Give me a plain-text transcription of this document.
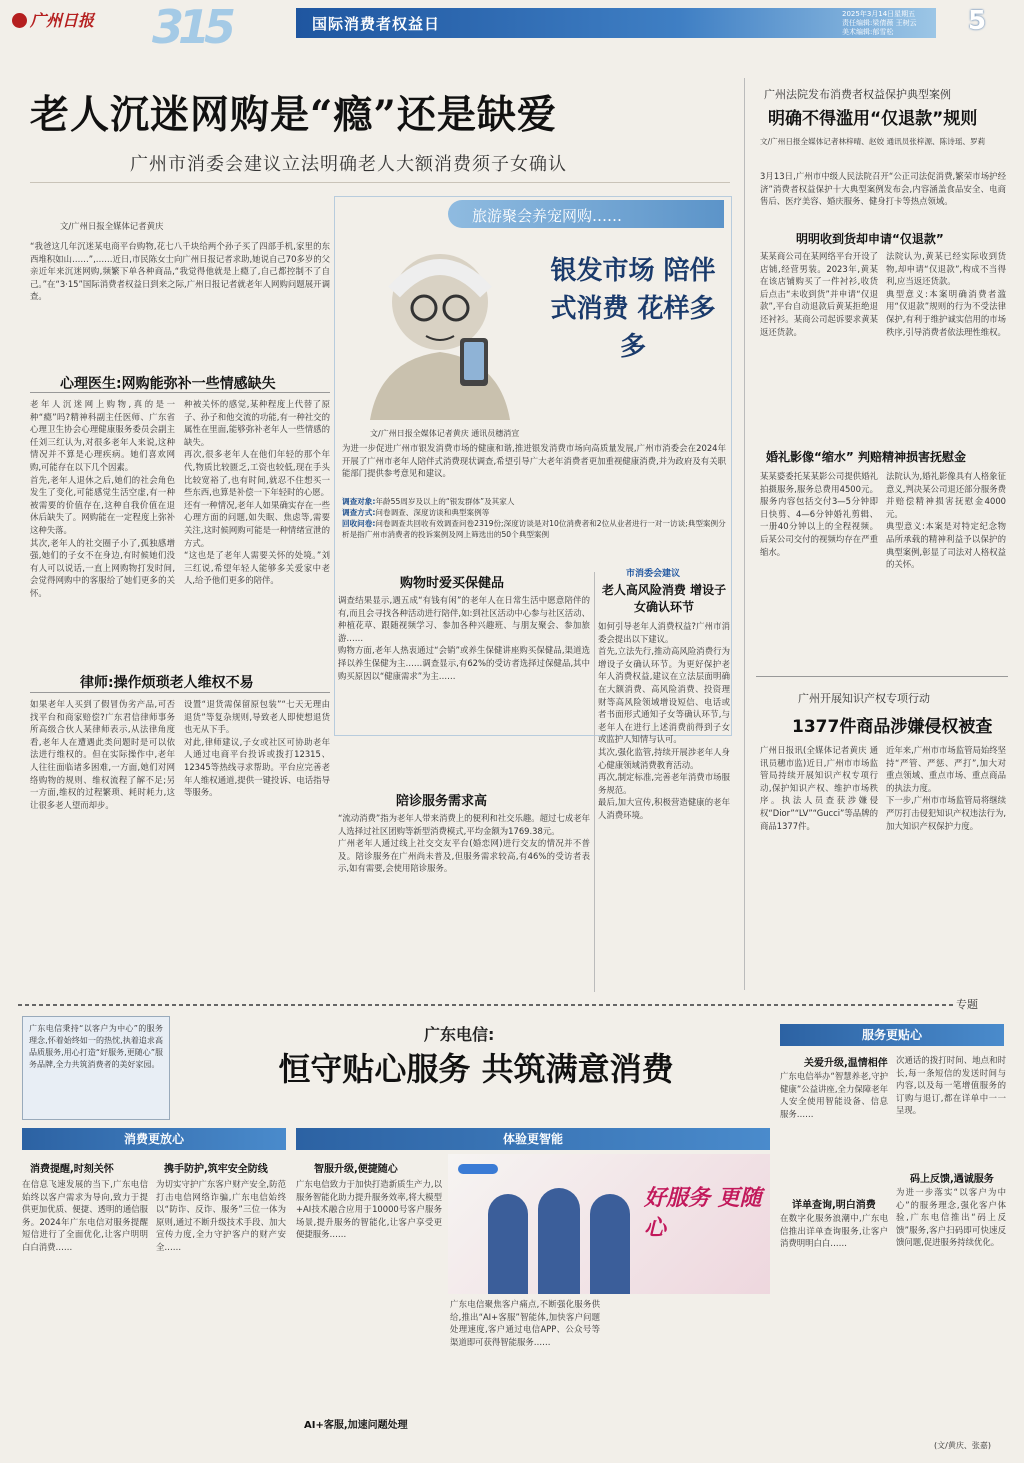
广州日报 315	国际消费者权益日
2025年3月14日星期五
责任编辑:梁倩薇 王树云
美术编辑:郁雪松	5
老人沉迷网购是“瘾”还是缺爱
广州市消委会建议立法明确老人大额消费须子女确认
文/广州日报全媒体记者黄庆
“我爸这几年沉迷某电商平台购物,花七八千块给两个孙子买了四部手机,家里的东西堆积如山……”,……近日,市民陈女士向广州日报记者求助,她说自己70多岁的父亲近年来沉迷网购,频繁下单各种商品,“我觉得他就是上瘾了,自己都控制不了自己。”在“3·15”国际消费者权益日到来之际,广州日报记者就老年人网购问题展开调查。
心理医生:网购能弥补一些情感缺失
老年人沉迷网上购物,真的是一种“瘾”吗?精神科副主任医师、广东省心理卫生协会心理健康服务委员会副主任刘三红认为,对很多老年人来说,这种情况并不算是心理疾病。她们喜欢网购,可能存在以下几个因素。
首先,老年人退休之后,她们的社会角色发生了变化,可能感觉生活空虚,有一种被需要的价值存在,这种自我价值在退休后缺失了。网购能在一定程度上弥补这种失落。
其次,老年人的社交圈子小了,孤独感增强,她们的子女不在身边,有时候她们没有人可以说话,一直上网购物打发时间,会觉得网购中的客服给了她们更多的关怀。
种被关怀的感觉,某种程度上代替了原子、孙子和他交流的功能,有一种社交的属性在里面,能够弥补老年人一些情感的缺失。
再次,很多老年人在他们年轻的那个年代,物质比较匮乏,工资也较低,现在手头比较宽裕了,也有时间,就忍不住想买一些东西,也算是补偿一下年轻时的心愿。
还有一种情况,老年人如果确实存在一些心理方面的问题,如失眠、焦虑等,需要关注,这时候网购可能是一种情绪宣泄的方式。
“这也是了老年人需要关怀的处境。”刘三红说,希望年轻人能够多关爱家中老人,给予他们更多的陪伴。
律师:操作烦琐老人维权不易
如果老年人买到了假冒伪劣产品,可否找平台和商家赔偿?广东君信律师事务所高级合伙人某律师表示,从法律角度看,老年人在遭遇此类问题时是可以依法进行维权的。但在实际操作中,老年人往往面临诸多困难,一方面,她们对网络购物的规则、维权流程了解不足;另一方面,维权的过程繁琐、耗时耗力,这让很多老人望而却步。
设置“退货需保留原包装”“七天无理由退货”等复杂规则,导致老人即使想退货也无从下手。
对此,律师建议,子女或社区可协助老年人通过电商平台投诉或拨打12315、12345等热线寻求帮助。平台应完善老年人维权通道,提供一键投诉、电话指导等服务。
旅游聚会养宠网购……
银发市场 陪伴式消费 花样多多
文/广州日报全媒体记者黄庆 通讯员穗消宣
为进一步促进广州市银发消费市场的健康和谐,推进银发消费市场向高质量发展,广州市消委会在2024年开展了广州市老年人陪伴式消费现状调查,希望引导广大老年消费者更加重视健康消费,并为政府及有关职能部门提供参考意见和建议。
调查对象:年龄55周岁及以上的“银发群体”及其家人
调查方式:问卷调查、深度访谈和典型案例等
回收问卷:问卷调查共回收有效调查问卷2319份;深度访谈是对10位消费者和2位从业者进行一对一访谈;典型案例分析是指广州市消费者的投诉案例及网上筛选出的50个典型案例
购物时爱买保健品
调查结果显示,遇五成“有钱有闲”的老年人在日常生活中愿意陪伴的有,而且会寻找各种活动进行陪伴,如:到社区活动中心参与社区活动、种植花草、跟随视频学习、参加各种兴趣班、与朋友聚会、参加旅游……
购物方面,老年人热衷通过“会销”或养生保健讲座购买保健品,渠道选择以养生保健为主……调查显示,有62%的受访者选择过保健品,其中购买原因以“健康需求”为主……
陪诊服务需求高
“流动消费”指为老年人带来消费上的便利和社交乐趣。超过七成老年人选择过社区团购等新型消费模式,平均金额为1769.38元。
广州老年人通过线上社交交友平台(婚恋网)进行交友的情况并不普及。陪诊服务在广州尚未普及,但服务需求较高,有46%的受访者表示,如有需要,会使用陪诊服务。
市消委会建议
老人高风险消费 增设子女确认环节
如何引导老年人消费权益?广州市消委会提出以下建议。
首先,立法先行,推动高风险消费行为增设子女确认环节。为更好保护老年人消费权益,建议在立法层面明确在大额消费、高风险消费、投资理财等高风险领域增设短信、电话或者书面形式通知子女等确认环节,与老年人在进行上述消费前得到子女或监护人知情与认可。
其次,强化监管,持续开展涉老年人身心健康领域消费教育活动。
再次,制定标准,完善老年消费市场服务规范。
最后,加大宣传,积极营造健康的老年人消费环境。
广州法院发布消费者权益保护典型案例
明确不得滥用“仅退款”规则
文/广州日报全媒体记者林梓晴、赵姣 通讯员张梓源、陈诗瑶、罗莉
3月13日,广州市中级人民法院召开“公正司法促消费,繁荣市场护经济”消费者权益保护十大典型案例发布会,内容涵盖食品安全、电商售后、医疗美容、婚庆服务、健身打卡等热点领域。
明明收到货却申请“仅退款”
某某商公司在某网络平台开设了店铺,经营男装。2023年,黄某在该店铺购买了一件衬衫,收货后点击“未收到货”并申请“仅退款”,平台自动退款后黄某拒绝退还衬衫。某商公司起诉要求黄某返还货款。
法院认为,黄某已经实际收到货物,却申请“仅退款”,构成不当得利,应当返还货款。
典型意义:本案明确消费者滥用“仅退款”规则的行为不受法律保护,有利于维护诚实信用的市场秩序,引导消费者依法理性维权。
婚礼影像“缩水” 判赔精神损害抚慰金
某某婆委托某某影公司提供婚礼拍摄服务,服务总费用4500元。服务内容包括交付3—5分钟即日快剪、4—6分钟婚礼剪辑、一册40分钟以上的全程视频。后某公司交付的视频均存在严重缩水。
法院认为,婚礼影像具有人格象征意义,判决某公司退还部分服务费并赔偿精神损害抚慰金4000元。
典型意义:本案是对特定纪念物品所承载的精神利益予以保护的典型案例,彰显了司法对人格权益的关怀。
广州开展知识产权专项行动
1377件商品涉嫌侵权被查
广州日报讯(全媒体记者黄庆 通讯员穗市监)近日,广州市市场监管局持续开展知识产权专项行动,保护知识产权、维护市场秩序。执法人员查获涉嫌侵权“Dior”“LV”“Gucci”等品牌的商品1377件。
近年来,广州市市场监管局始终坚持“严管、严惩、严打”,加大对重点领域、重点市场、重点商品的执法力度。
下一步,广州市市场监管局将继续严厉打击侵犯知识产权违法行为,加大知识产权保护力度。
专题
广东电信秉持“以客户为中心”的服务理念,怀着始终如一的热忱,执着追求高品质服务,用心打造“好服务,更随心”服务品牌,全力共筑消费者的美好家园。
广东电信:
恒守贴心服务 共筑满意消费
服务更贴心
消费更放心	体验更智能
消费提醒,时刻关怀
在信息飞速发展的当下,广东电信始终以客户需求为导向,致力于提供更加优质、便捷、透明的通信服务。2024年广东电信对服务提醒短信进行了全面优化,让客户明明白白消费……
携手防护,筑牢安全防线
为切实守护广东客户财产安全,防范打击电信网络诈骗,广东电信始终以“防诈、反诈、服务”三位一体为原则,通过不断升级技术手段、加大宣传力度,全力守护客户的财产安全……
智服升级,便捷随心
广东电信致力于加快打造新质生产力,以服务智能化助力提升服务效率,将大模型+AI技术融合应用于10000号客户服务场景,提升服务的智能化,让客户享受更便捷服务……
好服务 更随心
AI+客服,加速问题处理
广东电信聚焦客户痛点,不断强化服务供给,推出“AI+客服”智能体,加快客户问题处理速度,客户通过电信APP、公众号等渠道即可获得智能服务……
关爱升级,温情相伴
广东电信举办“智慧养老,守护健康”公益讲座,全力保障老年人安全使用智能设备、信息服务……
详单查询,明白消费
在数字化服务浪潮中,广东电信推出详单查询服务,让客户消费明明白白……
次通话的拨打时间、地点和时长,每一条短信的发送时间与内容,以及每一笔增值服务的订购与退订,都在详单中一一呈现。
码上反馈,遇诚服务
为进一步落实“以客户为中心”的服务理念,强化客户体验,广东电信推出“码上反馈”服务,客户扫码即可快速反馈问题,促进服务持续优化。
(文/黄庆、张嘉)
